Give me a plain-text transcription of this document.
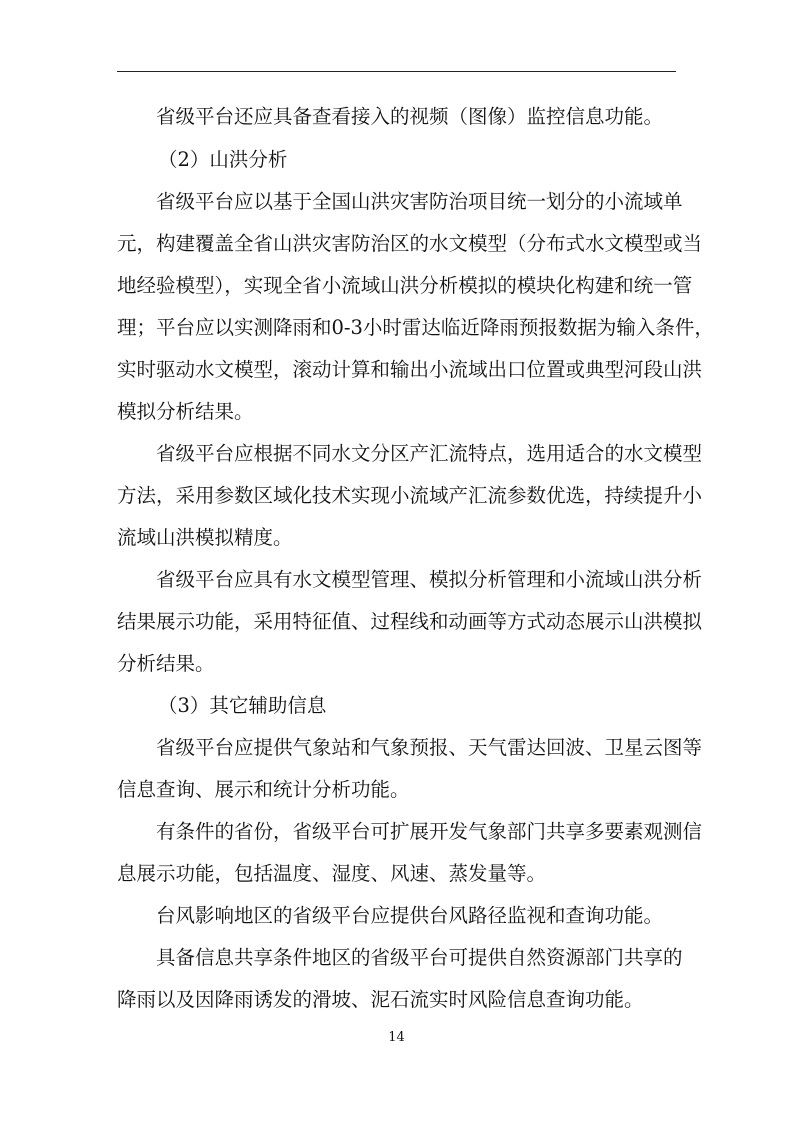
省级平台还应具备查看接入的视频（图像）监控信息功能。
（2）山洪分析
省级平台应以基于全国山洪灾害防治项目统一划分的小流域单
元，构建覆盖全省山洪灾害防治区的水文模型（分布式水文模型或当
地经验模型），实现全省小流域山洪分析模拟的模块化构建和统一管
理；平台应以实测降雨和0-3小时雷达临近降雨预报数据为输入条件，
实时驱动水文模型，滚动计算和输出小流域出口位置或典型河段山洪
模拟分析结果。
省级平台应根据不同水文分区产汇流特点，选用适合的水文模型
方法，采用参数区域化技术实现小流域产汇流参数优选，持续提升小
流域山洪模拟精度。
省级平台应具有水文模型管理、模拟分析管理和小流域山洪分析
结果展示功能，采用特征值、过程线和动画等方式动态展示山洪模拟
分析结果。
（3）其它辅助信息
省级平台应提供气象站和气象预报、天气雷达回波、卫星云图等
信息查询、展示和统计分析功能。
有条件的省份，省级平台可扩展开发气象部门共享多要素观测信
息展示功能，包括温度、湿度、风速、蒸发量等。
台风影响地区的省级平台应提供台风路径监视和查询功能。
具备信息共享条件地区的省级平台可提供自然资源部门共享的
降雨以及因降雨诱发的滑坡、泥石流实时风险信息查询功能。
14
